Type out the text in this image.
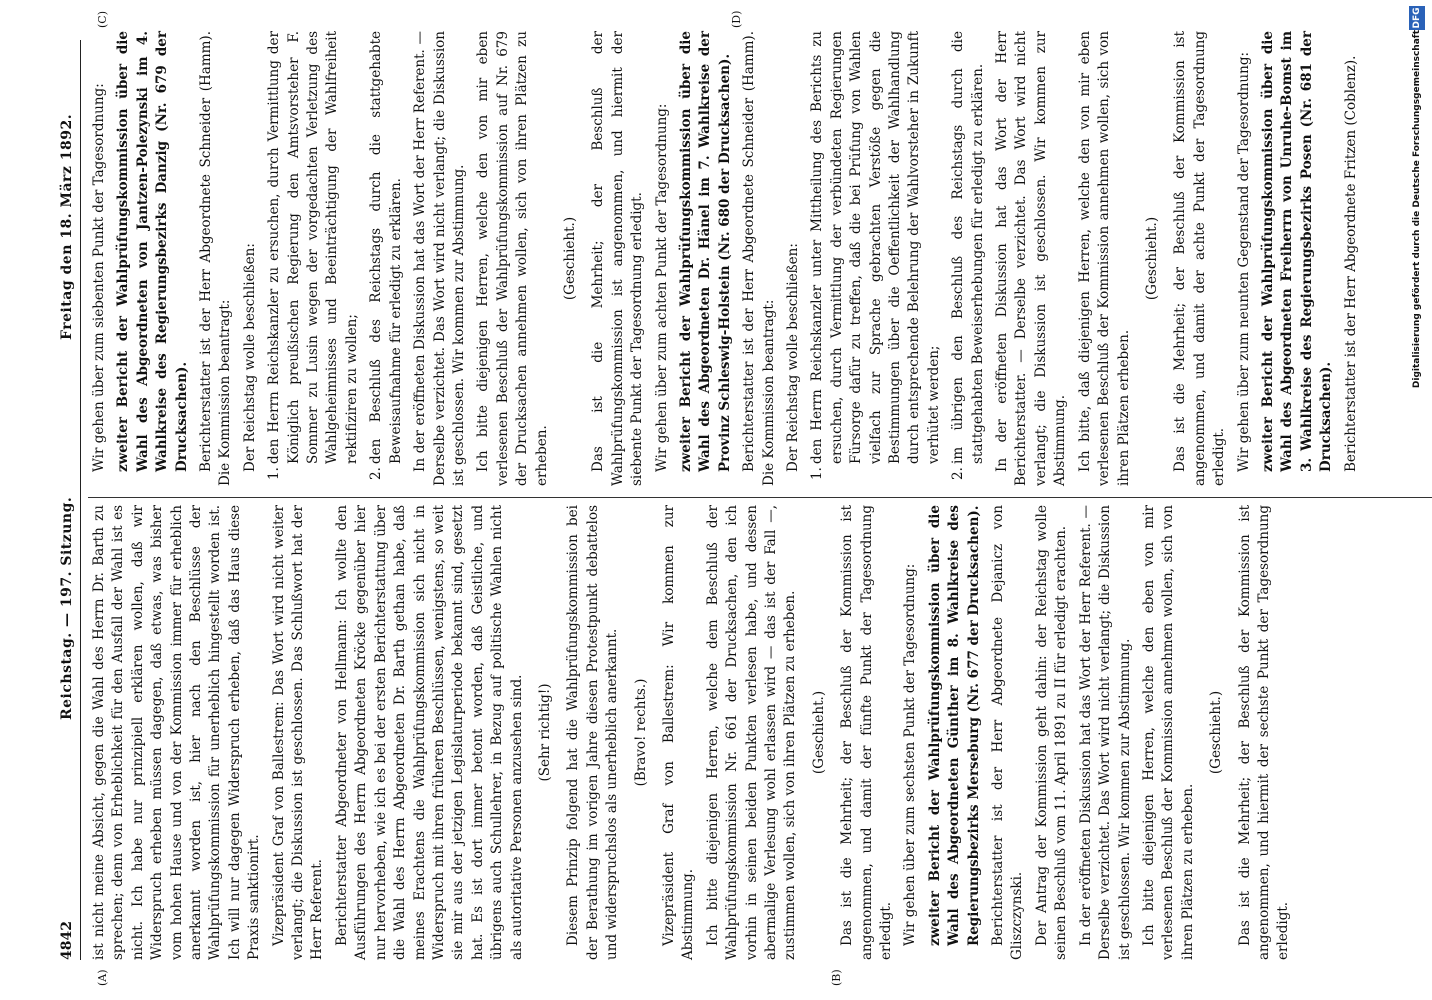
4842
Reichstag. — 197. Sitzung.
Freitag den 18. März 1892.
(A)	(B)
(C)	(D)

ist nicht meine Absicht, gegen die Wahl des Herrn Dr. Barth zu sprechen; denn von Erheblichkeit für den Ausfall der Wahl ist es nicht. Ich habe nur prinzipiell erklären wollen, daß wir Widerspruch erheben müssen dagegen, daß etwas, was bisher vom hohen Hause und von der Kommission immer für erheblich anerkannt worden ist, hier nach den Beschlüsse der Wahlprüfungskommission für unerheblich hingestellt worden ist. Ich will nur dagegen Widerspruch erheben, daß das Haus diese Praxis sanktionirt. Vizepräsident Graf von Ballestrem: Das Wort wird nicht weiter verlangt; die Diskussion ist geschlossen. Das Schlußwort hat der Herr Referent. Berichterstatter Abgeordneter von Hellmann: Ich wollte den Ausführungen des Herrn Abgeordneten Kröcke gegenüber hier nur hervorheben, wie ich es bei der ersten Berichterstattung über die Wahl des Herrn Abgeordneten Dr. Barth gethan habe, daß meines Erachtens die Wahlprüfungskommission sich nicht in Widerspruch mit ihren früheren Beschlüssen, wenigstens, so weit sie mir aus der jetzigen Legislaturperiode bekannt sind, gesetzt hat. Es ist dort immer betont worden, daß Geistliche, und übrigens auch Schullehrer, in Bezug auf politische Wahlen nicht als autoritative Personen anzusehen sind. (Sehr richtig!) Diesem Prinzip folgend hat die Wahlprüfungskommission bei der Berathung im vorigen Jahre diesen Protestpunkt debattelos und widerspruchslos als unerheblich anerkannt. (Bravo! rechts.) Vizepräsident Graf von Ballestrem: Wir kommen zur Abstimmung. Ich bitte diejenigen Herren, welche dem Beschluß der Wahlprüfungskommission Nr. 661 der Drucksachen, den ich vorhin in seinen beiden Punkten verlesen habe, und dessen abermalige Verlesung wohl erlassen wird — das ist der Fall —, zustimmen wollen, sich von ihren Plätzen zu erheben. (Geschieht.) Das ist die Mehrheit; der Beschluß der Kommission ist angenommen, und damit der fünfte Punkt der Tagesordnung erledigt. Wir gehen über zum sechsten Punkt der Tagesordnung: zweiter Bericht der Wahlprüfungskommission über die Wahl des Abgeordneten Günther im 8. Wahlkreise des Regierungsbezirks Merseburg (Nr. 677 der Drucksachen). Berichterstatter ist der Herr Abgeordnete Dejanicz von Gliszczynski. Der Antrag der Kommission geht dahin: der Reichstag wolle seinen Beschluß vom 11. April 1891 zu II für erledigt erachten. In der eröffneten Diskussion hat das Wort der Herr Referent. — Derselbe verzichtet. Das Wort wird nicht verlangt; die Diskussion ist geschlossen. Wir kommen zur Abstimmung. Ich bitte diejenigen Herren, welche den eben von mir verlesenen Beschluß der Kommission annehmen wollen, sich von ihren Plätzen zu erheben.

(Geschieht.) Das ist die Mehrheit; der Beschluß der Kommission ist angenommen, und hiermit der sechste Punkt der Tagesordnung erledigt.

Wir gehen über zum siebenten Punkt der Tagesordnung: zweiter Bericht der Wahlprüfungskommission über die Wahl des Abgeordneten von Jantzen-Polezynski im 4. Wahlkreise des Regierungsbezirks Danzig (Nr. 679 der Drucksachen). Berichterstatter ist der Herr Abgeordnete Schneider (Hamm). Die Kommission beantragt: Der Reichstag wolle beschließen:

1.
den Herrn Reichskanzler zu ersuchen, durch Vermittlung der Königlich preußischen Regierung den Amtsvorsteher F. Sommer zu Lusin wegen der vorgedachten Verletzung des Wahlgeheimnisses und Beeinträchtigung der Wahlfreiheit rektifiziren zu wollen;

2.
den Beschluß des Reichstags durch die stattgehabte Beweisaufnahme für erledigt zu erklären. In der eröffneten Diskussion hat das Wort der Herr Referent. — Derselbe verzichtet. Das Wort wird nicht verlangt; die Diskussion ist geschlossen. Wir kommen zur Abstimmung. Ich bitte diejenigen Herren, welche den von mir eben verlesenen Beschluß der Wahlprüfungskommission auf Nr. 679 der Drucksachen annehmen wollen, sich von ihren Plätzen zu erheben.

(Geschieht.) Das ist die Mehrheit; der Beschluß der Wahlprüfungskommission ist angenommen, und hiermit der siebente Punkt der Tagesordnung erledigt. Wir gehen über zum achten Punkt der Tagesordnung: zweiter Bericht der Wahlprüfungskommission über die Wahl des Abgeordneten Dr. Hänel im 7. Wahlkreise der Provinz Schleswig-Holstein (Nr. 680 der Drucksachen). Berichterstatter ist der Herr Abgeordnete Schneider (Hamm). Die Kommission beantragt: Der Reichstag wolle beschließen:

1.
den Herrn Reichskanzler unter Mittheilung des Berichts zu ersuchen, durch Vermittlung der verbündeten Regierungen Fürsorge dafür zu treffen, daß die bei Prüfung von Wahlen vielfach zur Sprache gebrachten Verstöße gegen die Bestimmungen über die Oeffentlichkeit der Wahlhandlung durch entsprechende Belehrung der Wahlvorsteher in Zukunft verhütet werden;

2.
im übrigen den Beschluß des Reichstags durch die stattgehabten Beweiserhebungen für erledigt zu erklären. In der eröffneten Diskussion hat das Wort der Herr Berichterstatter. — Derselbe verzichtet. Das Wort wird nicht verlangt; die Diskussion ist geschlossen. Wir kommen zur Abstimmung. Ich bitte, daß diejenigen Herren, welche den von mir eben verlesenen Beschluß der Kommission annehmen wollen, sich von ihren Plätzen erheben.

(Geschieht.) Das ist die Mehrheit; der Beschluß der Kommission ist angenommen, und damit der achte Punkt der Tagesordnung erledigt. Wir gehen über zum neunten Gegenstand der Tagesordnung: zweiter Bericht der Wahlprüfungskommission über die Wahl des Abgeordneten Freiherrn von Unruhe-Bomst im 3. Wahlkreise des Regierungsbezirks Posen (Nr. 681 der Drucksachen). Berichterstatter ist der Herr Abgeordnete Fritzen (Coblenz).	Digitalisierung gefördert durch die Deutsche Forschungsgemeinschaft
DFG
